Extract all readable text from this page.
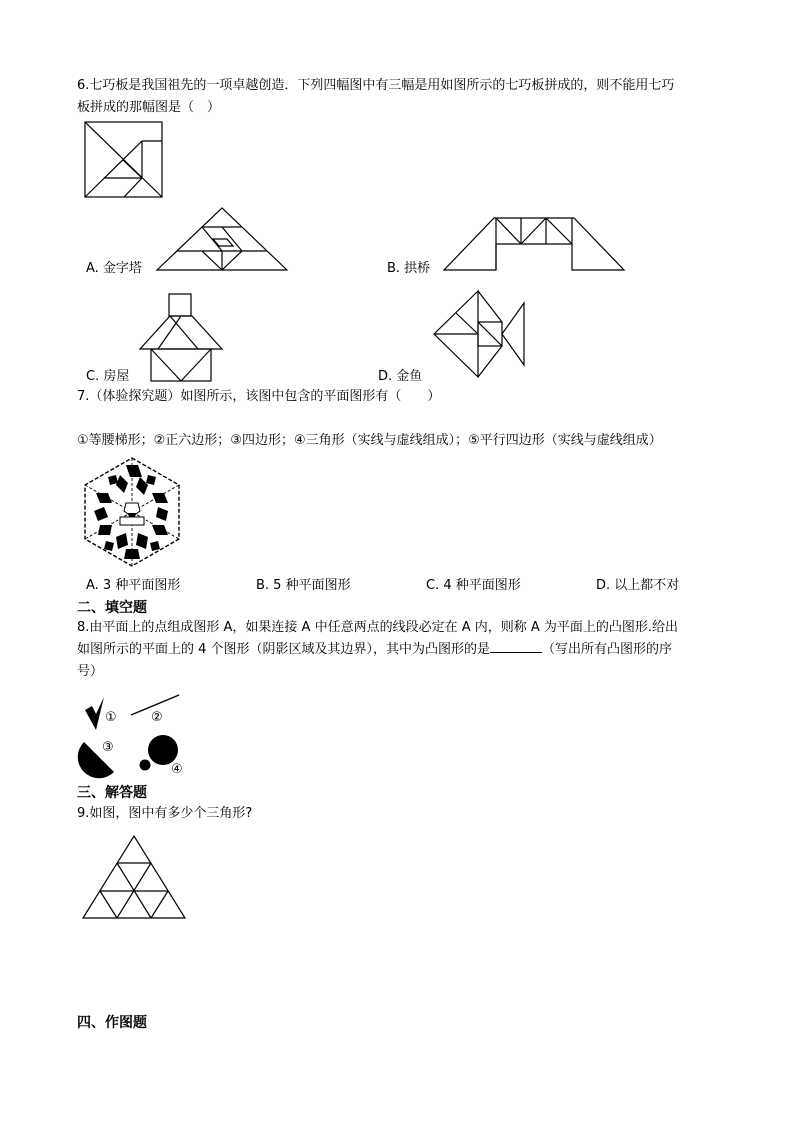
6.七巧板是我国祖先的一项卓越创造．下列四幅图中有三幅是用如图所示的七巧板拼成的，则不能用七巧
板拼成的那幅图是（　）
A. 金字塔	B. 拱桥
C. 房屋	D. 金鱼
7.（体验探究题）如图所示，该图中包含的平面图形有（　　）
①等腰梯形；②正六边形；③四边形；④三角形（实线与虚线组成）；⑤平行四边形（实线与虚线组成）
A. 3 种平面图形	B. 5 种平面图形	C. 4 种平面图形	D. 以上都不对
二、填空题
8.由平面上的点组成图形 A，如果连接 A 中任意两点的线段必定在 A 内，则称 A 为平面上的凸图形.给出
如图所示的平面上的 4 个图形（阴影区域及其边界），其中为凸图形的是	（写出所有凸图形的序
号）
①	②
③
④
三、解答题
9.如图，图中有多少个三角形?
四、作图题
